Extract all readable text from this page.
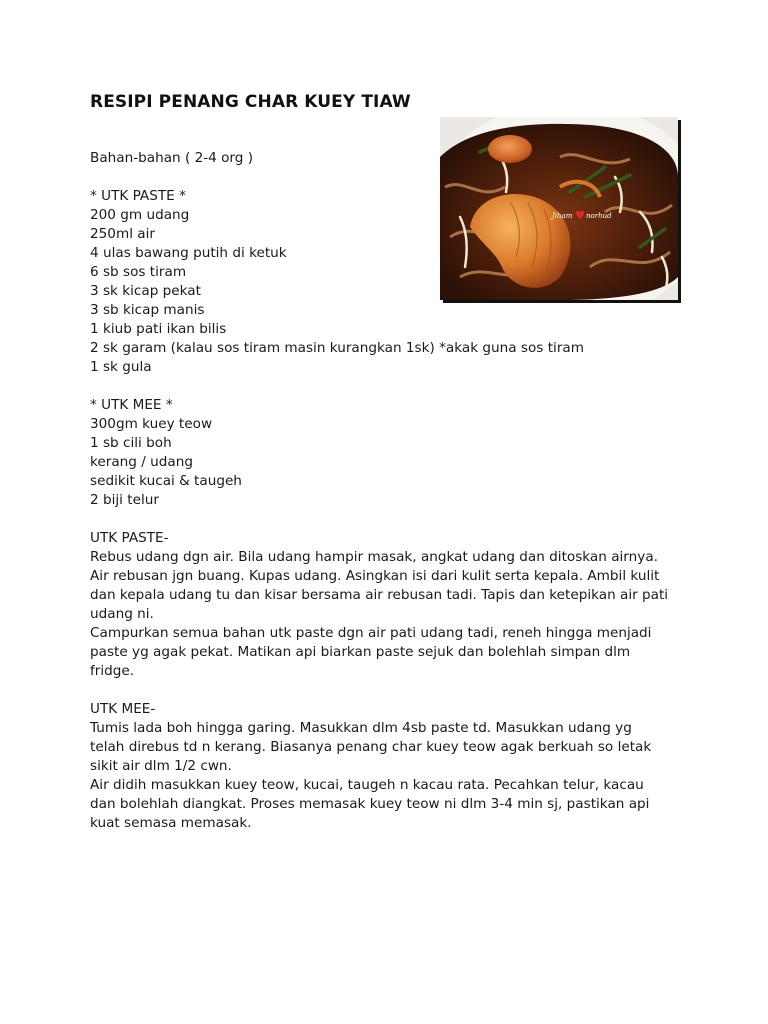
RESIPI PENANG CHAR KUEY TIAW
Jiham norhud
Bahan-bahan ( 2-4 org )
* UTK PASTE *
200 gm udang
250ml air
4 ulas bawang putih di ketuk
6 sb sos tiram
3 sk kicap pekat
3 sb kicap manis
1 kiub pati ikan bilis
2 sk garam (kalau sos tiram masin kurangkan 1sk) *akak guna sos tiram
1 sk gula
* UTK MEE *
300gm kuey teow
1 sb cili boh
kerang / udang
sedikit kucai & taugeh
2 biji telur
UTK PASTE-
Rebus udang dgn air. Bila udang hampir masak, angkat udang dan ditoskan airnya.
Air rebusan jgn buang. Kupas udang. Asingkan isi dari kulit serta kepala. Ambil kulit
dan kepala udang tu dan kisar bersama air rebusan tadi. Tapis dan ketepikan air pati
udang ni.
Campurkan semua bahan utk paste dgn air pati udang tadi, reneh hingga menjadi
paste yg agak pekat. Matikan api biarkan paste sejuk dan bolehlah simpan dlm
fridge.
UTK MEE-
Tumis lada boh hingga garing. Masukkan dlm 4sb paste td. Masukkan udang yg
telah direbus td n kerang. Biasanya penang char kuey teow agak berkuah so letak
sikit air dlm 1/2 cwn.
Air didih masukkan kuey teow, kucai, taugeh n kacau rata. Pecahkan telur, kacau
dan bolehlah diangkat. Proses memasak kuey teow ni dlm 3-4 min sj, pastikan api
kuat semasa memasak.
